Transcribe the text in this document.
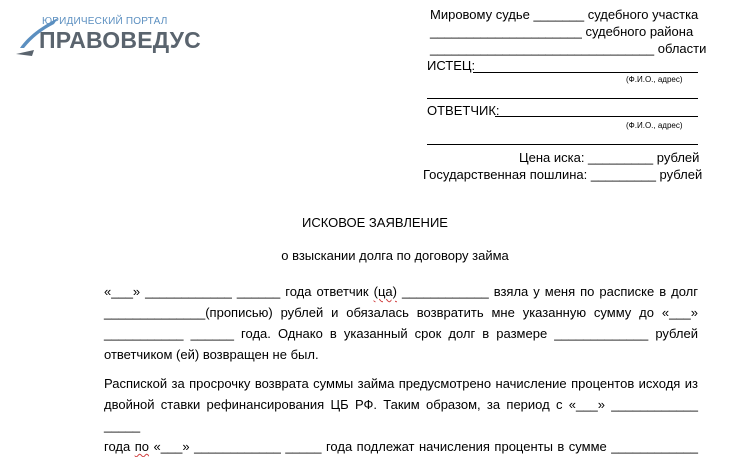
ЮРИДИЧЕСКИЙ ПОРТАЛ
ПРАВОВЕДУС
Мировому судье _______ судебного участка
_____________________ судебного района
_______________________________ области
ИСТЕЦ:
(Ф.И.О., адрес)
ОТВЕТЧИК:
(Ф.И.О., адрес)
Цена иска: _________ рублей
Государственная пошлина: _________ рублей
ИСКОВОЕ ЗАЯВЛЕНИЕ
о взыскании долга по договору займа

«___» ____________ ______ года ответчик (ца) ____________ взяла у меня по расписке в долг

______________(прописью) рублей и обязалась возвратить мне указанную сумму до «___»

___________ ______ года. Однако в указанный срок долг в размере _____________ рублей

ответчиком (ей) возвращен не был.

Распиской за просрочку возврата суммы займа предусмотрено начисление процентов исходя из

двойной ставки рефинансирования ЦБ РФ. Таким образом, за период с «___» ____________ _____

года по «___» ____________ _____ года подлежат начисления проценты в сумме ____________
